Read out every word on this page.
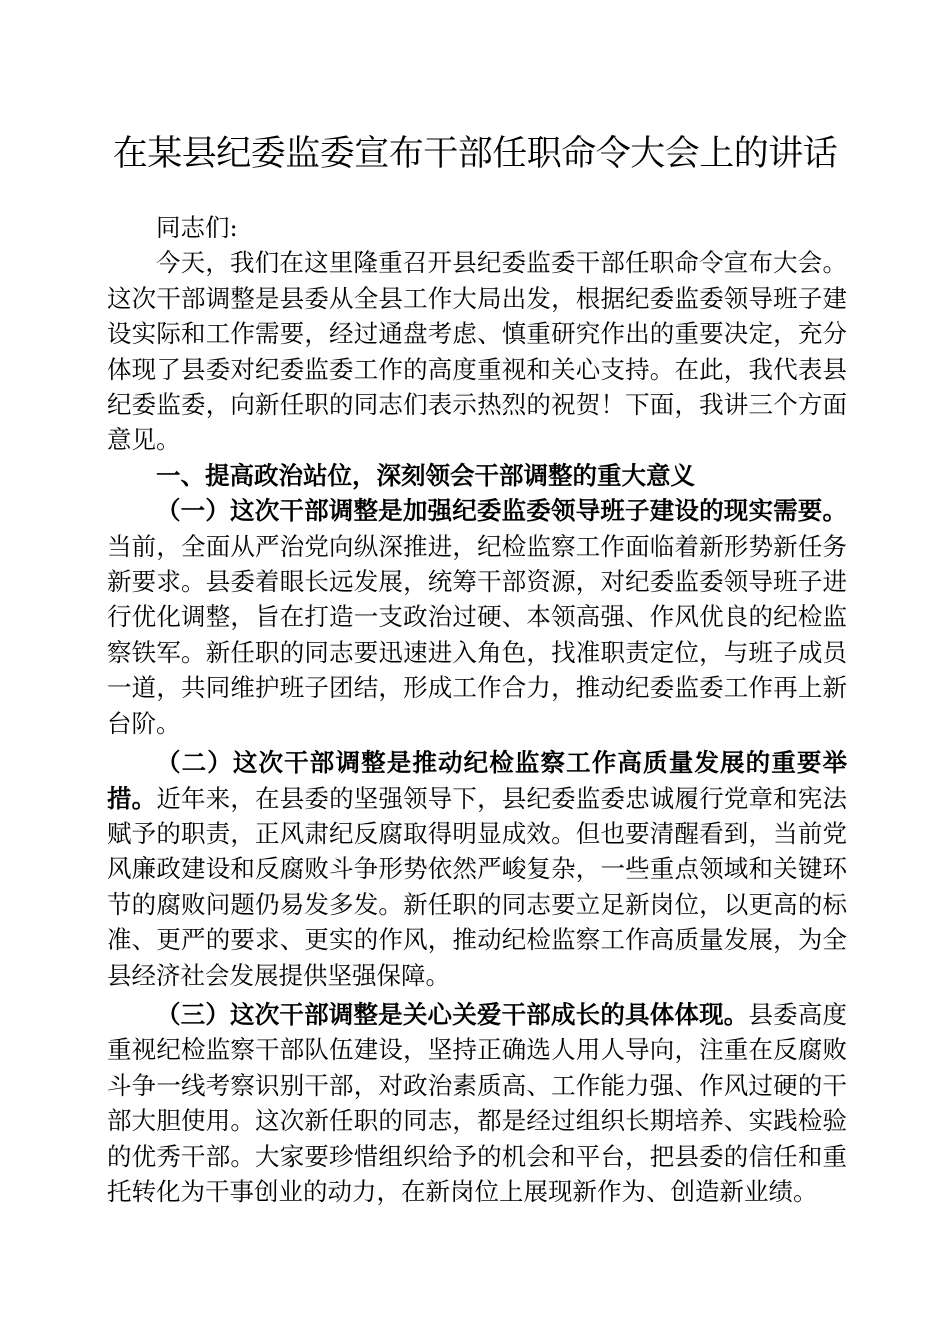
在某县纪委监委宣布干部任职命令大会上的讲话

同志们:

今天，我们在这里隆重召开县纪委监委干部任职命令宣布大会。这次干部调整是县委从全县工作大局出发，根据纪委监委领导班子建设实际和工作需要，经过通盘考虑、慎重研究作出的重要决定，充分体现了县委对纪委监委工作的高度重视和关心支持。在此，我代表县纪委监委，向新任职的同志们表示热烈的祝贺！下面，我讲三个方面意见。

一、提高政治站位，深刻领会干部调整的重大意义

（一）这次干部调整是加强纪委监委领导班子建设的现实需要。当前，全面从严治党向纵深推进，纪检监察工作面临着新形势新任务新要求。县委着眼长远发展，统筹干部资源，对纪委监委领导班子进行优化调整，旨在打造一支政治过硬、本领高强、作风优良的纪检监察铁军。新任职的同志要迅速进入角色，找准职责定位，与班子成员一道，共同维护班子团结，形成工作合力，推动纪委监委工作再上新台阶。

（二）这次干部调整是推动纪检监察工作高质量发展的重要举措。近年来，在县委的坚强领导下，县纪委监委忠诚履行党章和宪法赋予的职责，正风肃纪反腐取得明显成效。但也要清醒看到，当前党风廉政建设和反腐败斗争形势依然严峻复杂，一些重点领域和关键环节的腐败问题仍易发多发。新任职的同志要立足新岗位，以更高的标准、更严的要求、更实的作风，推动纪检监察工作高质量发展，为全县经济社会发展提供坚强保障。

（三）这次干部调整是关心关爱干部成长的具体体现。县委高度重视纪检监察干部队伍建设，坚持正确选人用人导向，注重在反腐败斗争一线考察识别干部，对政治素质高、工作能力强、作风过硬的干部大胆使用。这次新任职的同志，都是经过组织长期培养、实践检验的优秀干部。大家要珍惜组织给予的机会和平台，把县委的信任和重托转化为干事创业的动力，在新岗位上展现新作为、创造新业绩。
